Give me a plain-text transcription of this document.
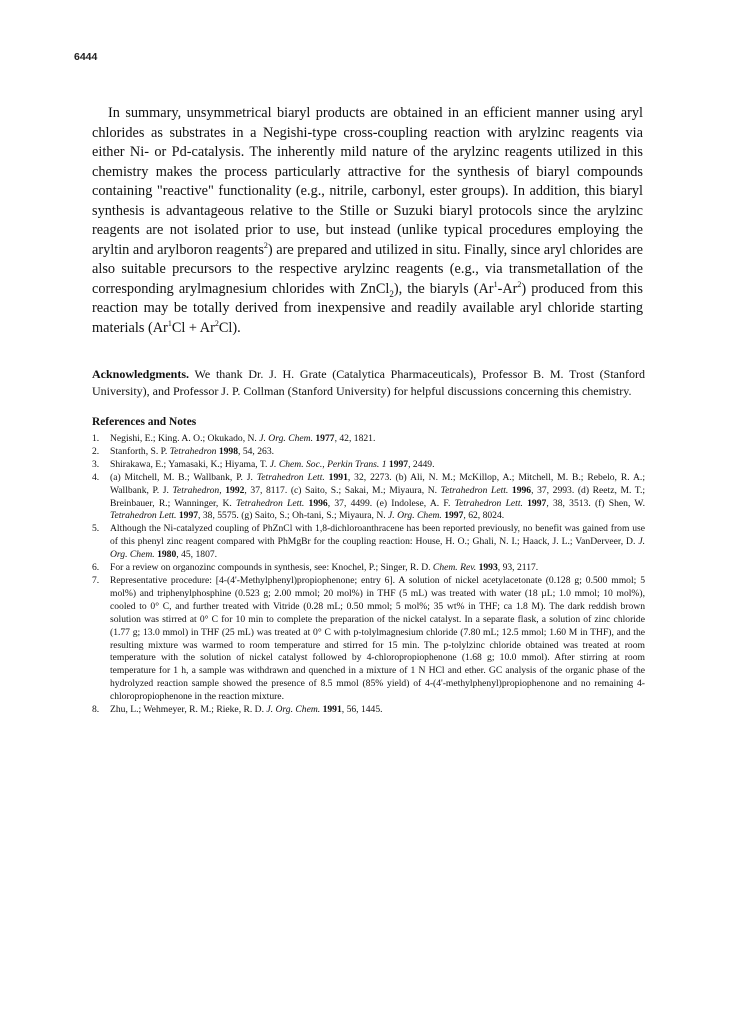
6444

In summary, unsymmetrical biaryl products are obtained in an efficient manner using aryl chlorides as substrates in a Negishi-type cross-coupling reaction with arylzinc reagents via either Ni- or Pd-catalysis. The inherently mild nature of the arylzinc reagents utilized in this chemistry makes the process particularly attractive for the synthesis of biaryl compounds containing "reactive" functionality (e.g., nitrile, carbonyl, ester groups). In addition, this biaryl synthesis is advantageous relative to the Stille or Suzuki biaryl protocols since the arylzinc reagents are not isolated prior to use, but instead (unlike typical procedures employing the aryltin and arylboron reagents$^2$) are prepared and utilized in situ. Finally, since aryl chlorides are also suitable precursors to the respective arylzinc reagents (e.g., via transmetallation of the corresponding arylmagnesium chlorides with ZnCl$_2$), the biaryls (Ar$^1$-Ar$^2$) produced from this reaction may be totally derived from inexpensive and readily available aryl chloride starting materials $(Ar^1Cl + Ar^2Cl)$.

Acknowledgments. We thank Dr. J. H. Grate (Catalytica Pharmaceuticals), Professor B. M. Trost (Stanford University), and Professor J. P. Collman (Stanford University) for helpful discussions concerning this chemistry.

References and Notes
1. Negishi, E.; King. A. O.; Okukado, N. J. Org. Chem. 1977, 42, 1821.
2. Stanforth, S. P. Tetrahedron 1998, 54, 263.
3. Shirakawa, E.; Yamasaki, K.; Hiyama, T. J. Chem. Soc., Perkin Trans. 1 1997, 2449.
4. (a) Mitchell, M. B.; Wallbank, P. J. Tetrahedron Lett. 1991, 32, 2273. (b) Ali, N. M.; McKillop, A.; Mitchell, M. B.; Rebelo, R. A.; Wallbank, P. J. Tetrahedron, 1992, 37, 8117. (c) Saito, S.; Sakai, M.; Miyaura, N. Tetrahedron Lett. 1996, 37, 2993. (d) Reetz, M. T.; Breinbauer, R.; Wanninger, K. Tetrahedron Lett. 1996, 37, 4499. (e) Indolese, A. F. Tetrahedron Lett. 1997, 38, 3513. (f) Shen, W. Tetrahedron Lett. 1997, 38, 5575. (g) Saito, S.; Oh-tani, S.; Miyaura, N. J. Org. Chem. 1997, 62, 8024.
5. Although the Ni-catalyzed coupling of PhZnCl with 1,8-dichloroanthracene has been reported previously, no benefit was gained from use of this phenyl zinc reagent compared with PhMgBr for the coupling reaction: House, H. O.; Ghali, N. I.; Haack, J. L.; VanDerveer, D. J. Org. Chem. 1980, 45, 1807.
6. For a review on organozinc compounds in synthesis, see: Knochel, P.; Singer, R. D. Chem. Rev. 1993, 93, 2117.
7. Representative procedure: [4-(4'-Methylphenyl)propiophenone; entry 6]. A solution of nickel acetylacetonate (0.128 g; 0.500 mmol; 5 mol%) and triphenylphosphine (0.523 g; 2.00 mmol; 20 mol%) in THF (5 mL) was treated with water (18 µL; 1.0 mmol; 10 mol%), cooled to 0° C, and further treated with Vitride (0.28 mL; 0.50 mmol; 5 mol%; 35 wt% in THF; ca 1.8 M). The dark reddish brown solution was stirred at 0° C for 10 min to complete the preparation of the nickel catalyst. In a separate flask, a solution of zinc chloride (1.77 g; 13.0 mmol) in THF (25 mL) was treated at 0° C with p-tolylmagnesium chloride (7.80 mL; 12.5 mmol; 1.60 M in THF), and the resulting mixture was warmed to room temperature and stirred for 15 min. The p-tolylzinc chloride obtained was treated at room temperature with the solution of nickel catalyst followed by 4-chloropropiophenone (1.68 g; 10.0 mmol). After stirring at room temperature for 1 h, a sample was withdrawn and quenched in a mixture of 1 N HCl and ether. GC analysis of the organic phase of the hydrolyzed reaction sample showed the presence of 8.5 mmol (85% yield) of 4-(4'-methylphenyl)propiophenone and no remaining 4-chloropropiophenone in the reaction mixture.
8. Zhu, L.; Wehmeyer, R. M.; Rieke, R. D. J. Org. Chem. 1991, 56, 1445.
